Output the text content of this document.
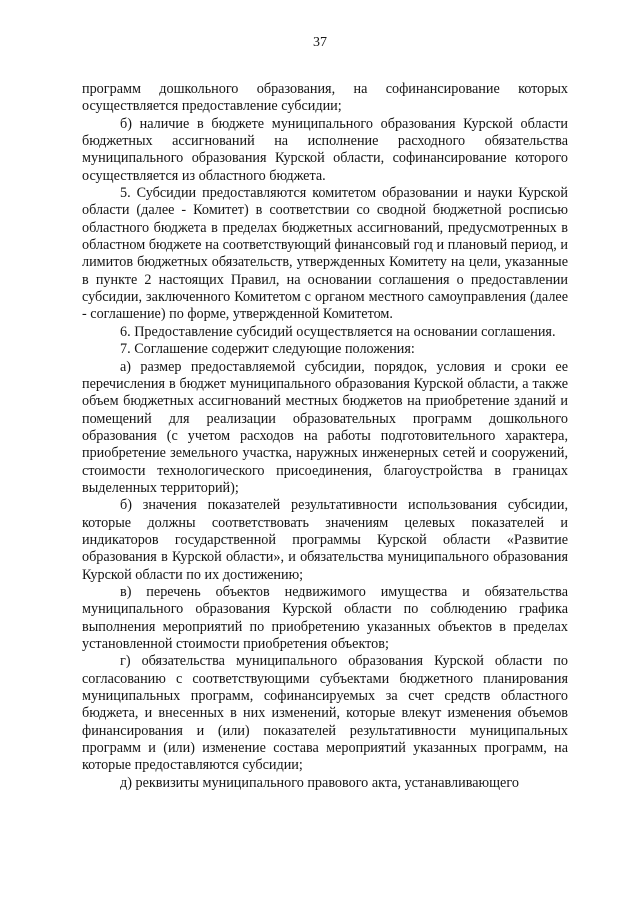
37

программ дошкольного образования, на софинансирование которых осуществляется предоставление субсидии;

б) наличие в бюджете муниципального образования Курской области бюджетных ассигнований на исполнение расходного обязательства муниципального образования Курской области, софинансирование которого осуществляется из областного бюджета.

5. Субсидии предоставляются комитетом образовании и науки Курской области (далее - Комитет) в соответствии со сводной бюджетной росписью областного бюджета в пределах бюджетных ассигнований, предусмотренных в областном бюджете на соответствующий финансовый год и плановый период, и лимитов бюджетных обязательств, утвержденных Комитету на цели, указанные в пункте 2 настоящих Правил, на основании соглашения о предоставлении субсидии, заключенного Комитетом с органом местного самоуправления (далее - соглашение) по форме, утвержденной Комитетом.

6. Предоставление субсидий осуществляется на основании соглашения.

7. Соглашение содержит следующие положения:

а) размер предоставляемой субсидии, порядок, условия и сроки ее перечисления в бюджет муниципального образования Курской области, а также объем бюджетных ассигнований местных бюджетов на приобретение зданий и помещений для реализации образовательных программ дошкольного образования (с учетом расходов на работы подготовительного характера, приобретение земельного участка, наружных инженерных сетей и сооружений, стоимости технологического присоединения, благоустройства в границах выделенных территорий);

б) значения показателей результативности использования субсидии, которые должны соответствовать значениям целевых показателей и индикаторов государственной программы Курской области «Развитие образования в Курской области», и обязательства муниципального образования Курской области по их достижению;

в) перечень объектов недвижимого имущества и обязательства муниципального образования Курской области по соблюдению графика выполнения мероприятий по приобретению указанных объектов в пределах установленной стоимости приобретения объектов;

г) обязательства муниципального образования Курской области по согласованию с соответствующими субъектами бюджетного планирования муниципальных программ, софинансируемых за счет средств областного бюджета, и внесенных в них изменений, которые влекут изменения объемов финансирования и (или) показателей результативности муниципальных программ и (или) изменение состава мероприятий указанных программ, на которые предоставляются субсидии;

д) реквизиты муниципального правового акта, устанавливающего
